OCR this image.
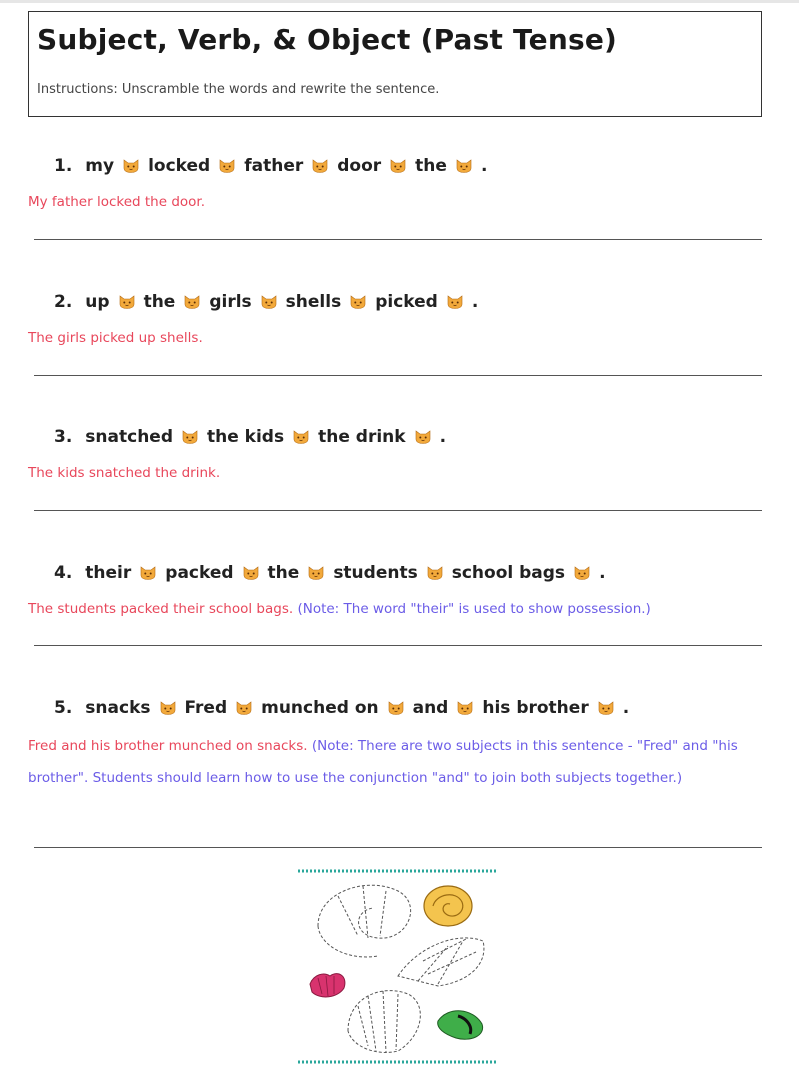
Subject, Verb, & Object (Past Tense)
Instructions: Unscramble the words and rewrite the sentence.
1. my locked father door the .
My father locked the door.
2. up the girls shells picked .
The girls picked up shells.
3. snatched the kids the drink .
The kids snatched the drink.
4. their packed the students school bags .
The students packed their school bags. (Note: The word "their" is used to show possession.)
5. snacks Fred munched on and his brother .
Fred and his brother munched on snacks. (Note: There are two subjects in this sentence - "Fred" and "his brother". Students should learn how to use the conjunction "and" to join both subjects together.)
